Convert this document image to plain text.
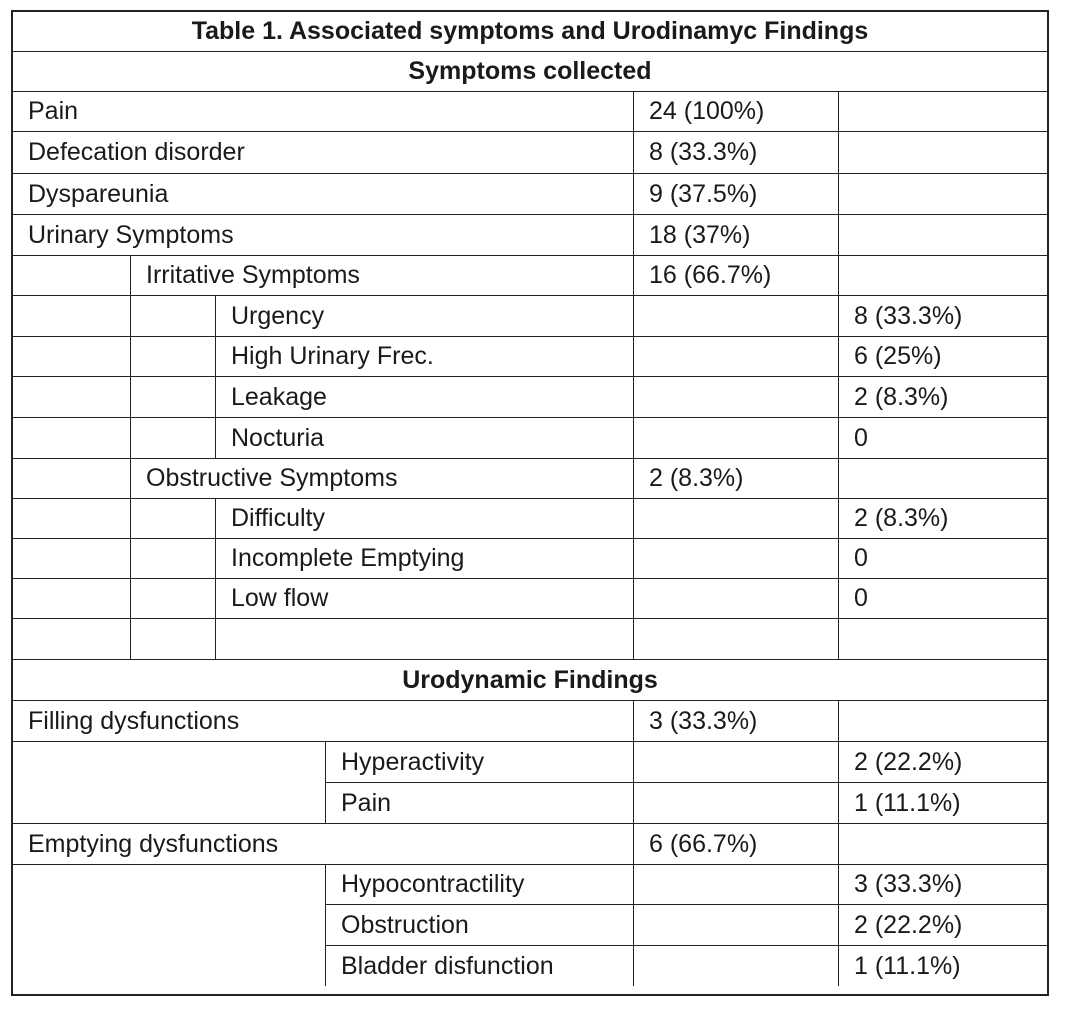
Table 1. Associated symptoms and Urodinamyc Findings
Symptoms collected
Pain	24 (100%)
Defecation disorder	8 (33.3%)
Dyspareunia	9 (37.5%)
Urinary Symptoms	18 (37%)
Irritative Symptoms	16 (66.7%)
Urgency	8 (33.3%)
High Urinary Frec.	6 (25%)
Leakage	2 (8.3%)
Nocturia	0
Obstructive Symptoms	2 (8.3%)
Difficulty	2 (8.3%)
Incomplete Emptying	0
Low flow	0
Urodynamic Findings
Filling dysfunctions	3 (33.3%)
Hyperactivity	2 (22.2%)
Pain	1 (11.1%)
Emptying dysfunctions	6 (66.7%)
Hypocontractility	3 (33.3%)
Obstruction	2 (22.2%)
Bladder disfunction	1 (11.1%)
